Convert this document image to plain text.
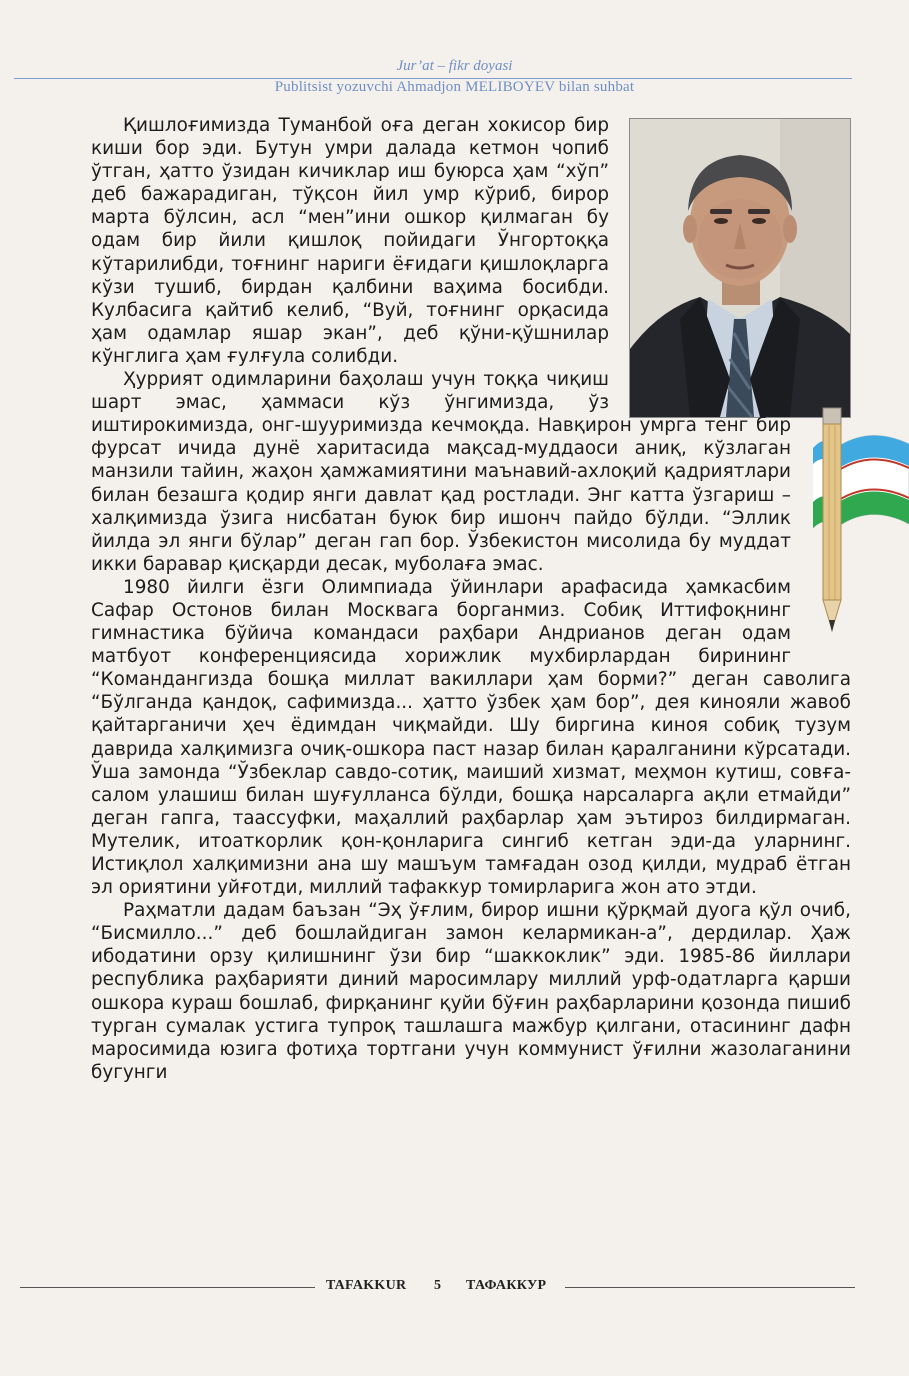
Jur’at – fikr doyasi
Publitsist yozuvchi Ahmadjon MELIBOYEV bilan suhbat

Қишлоғимизда Туманбой оға деган хокисор бир киши бор эди. Бутун умри далада кетмон чопиб ўтган, ҳатто ўзидан кичиклар иш буюрса ҳам “хўп” деб бажарадиган, тўқсон йил умр кўриб, бирор марта бўлсин, асл “мен”ини ошкор қилмаган бу одам бир йили қишлоқ пойидаги Ўнгортоққа кўтарилибди, тоғнинг нариги ёғидаги қишлоқларга кўзи тушиб, бирдан қалбини ваҳима босибди. Кулбасига қайтиб келиб, “Вуй, тоғнинг орқасида ҳам одамлар яшар экан”, деб қўни-қўшнилар кўнглига ҳам ғулғула солибди.

Ҳуррият одимларини баҳолаш учун тоққа чиқиш шарт эмас, ҳаммаси кўз ўнгимизда, ўз иштирокимизда, онг-шууримизда кечмоқда. Навқирон умрга тенг бир фурсат ичида дунё харитасида мақсад-муддаоси аниқ, кўзлаган манзили тайин, жаҳон ҳамжамиятини маънавий-ахлоқий қадриятлари билан безашга қодир янги давлат қад ростлади. Энг катта ўзгариш – халқимизда ўзига нисбатан буюк бир ишонч пайдо бўлди. “Эллик йилда эл янги бўлар” деган гап бор. Ўзбекистон мисолида бу муддат икки баравар қисқарди десак, муболаға эмас.

1980 йилги ёзги Олимпиада ўйинлари арафасида ҳамкасбим Сафар Остонов билан Москвага борганмиз. Собиқ Иттифоқнинг гимнастика бўйича командаси раҳбари Андрианов деган одам матбуот конференциясида хорижлик мухбирлардан бирининг “Командангизда бошқа миллат вакиллари ҳам борми?” деган саволига “Бўлганда қандоқ, сафимизда... ҳатто ўзбек ҳам бор”, дея кинояли жавоб қайтарганичи ҳеч ёдимдан чиқмайди. Шу биргина киноя собиқ тузум даврида халқимизга очиқ-ошкора паст назар билан қаралганини кўрсатади. Ўша замонда “Ўзбеклар савдо-сотиқ, маиший хизмат, меҳмон кутиш, совға-салом улашиш билан шуғулланса бўлди, бошқа нарсаларга ақли етмайди” деган гапга, таассуфки, маҳаллий раҳбарлар ҳам эътироз билдирмаган. Мутелик, итоаткорлик қон-қонларига сингиб кетган эди-да уларнинг. Истиқлол халқимизни ана шу машъум тамғадан озод қилди, мудраб ётган эл ориятини уйғотди, миллий тафаккур томирларига жон ато этди.

Раҳматли дадам баъзан “Эҳ ўғлим, бирор ишни қўрқмай дуога қўл очиб, “Бисмилло...” деб бошлайдиган замон келармикан-а”, дердилар. Ҳаж ибодатини орзу қилишнинг ўзи бир “шаккоклик” эди. 1985-86 йиллари республика раҳбарияти диний маросимлару миллий урф-одатларга қарши ошкора кураш бошлаб, фирқанинг қуйи бўғин раҳбарларини қозонда пишиб турган сумалак устига тупроқ ташлашга мажбур қилгани, отасининг дафн маросимида юзига фотиҳа тортгани учун коммунист ўғилни жазолаганини бугунги

TAFAKKUR 5 ТАФАККУР
